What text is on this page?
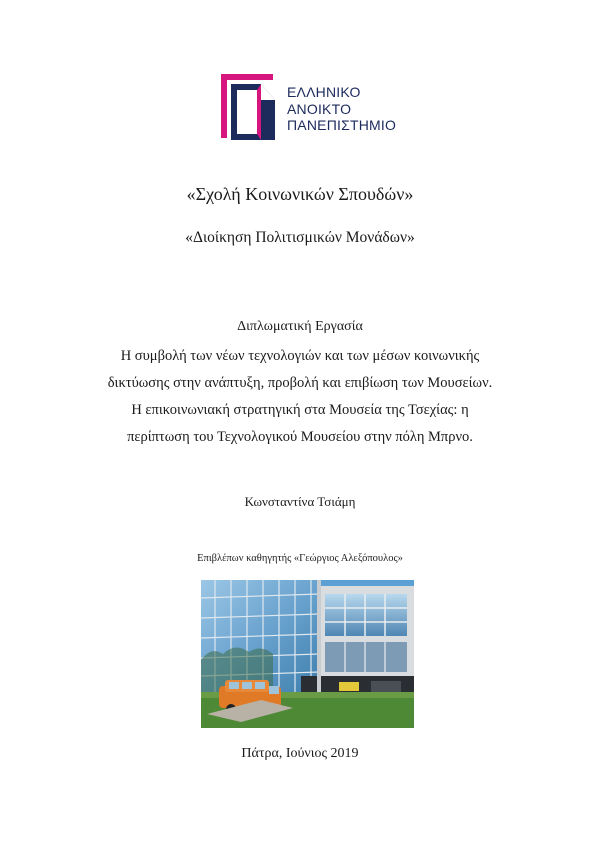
ΕΛΛΗΝΙΚΟ
ΑΝΟΙΚΤΟ
ΠΑΝΕΠΙΣΤΗΜΙΟ
«Σχολή Κοινωνικών Σπουδών»
«Διοίκηση Πολιτισμικών Μονάδων»
Διπλωματική Εργασία
Η συμβολή των νέων τεχνολογιών και των μέσων κοινωνικής
δικτύωσης στην ανάπτυξη, προβολή και επιβίωση των Μουσείων.
Η επικοινωνιακή στρατηγική στα Μουσεία της Τσεχίας: η
περίπτωση του Τεχνολογικού Μουσείου στην πόλη Μπρνο.
Κωνσταντίνα Τσιάμη
Επιβλέπων καθηγητής «Γεώργιος Αλεξόπουλος»
Πάτρα, Ιούνιος 2019
